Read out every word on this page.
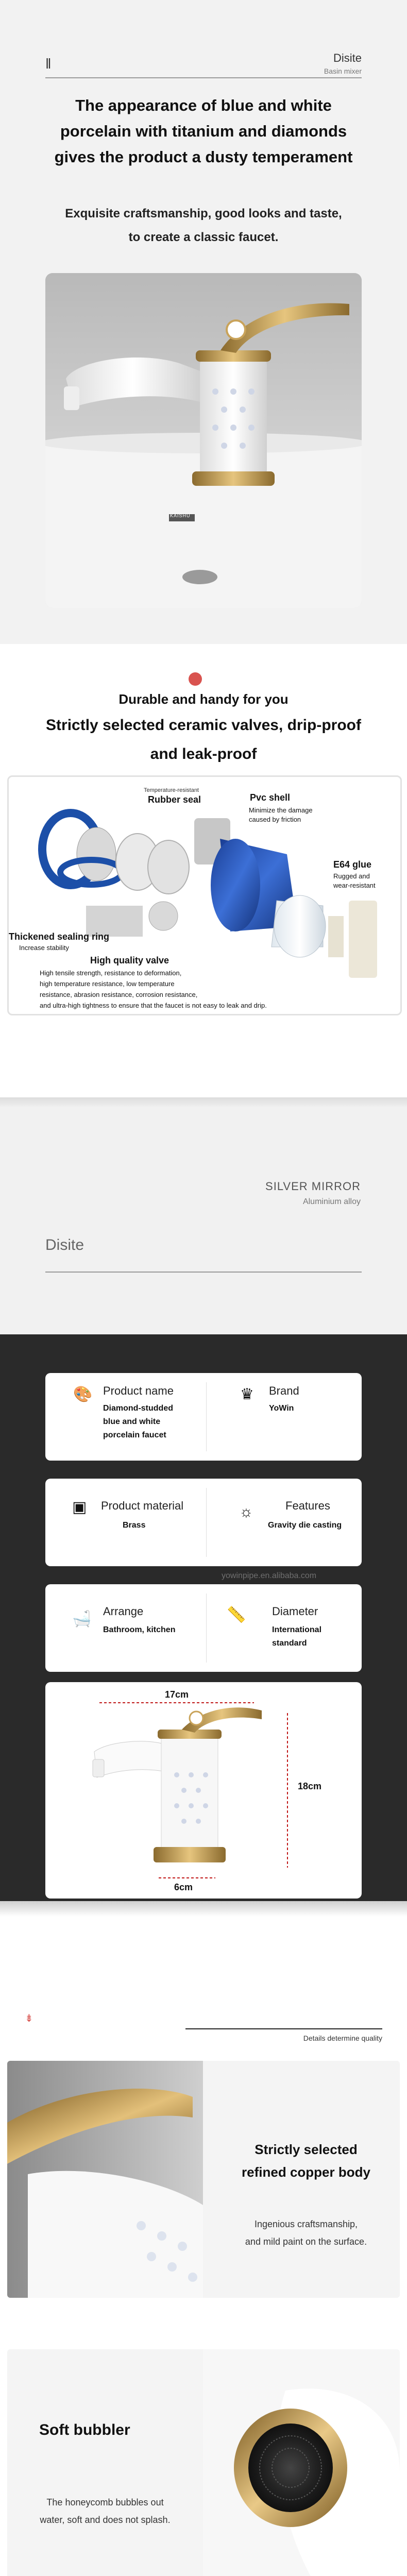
‖	Disite
Basin mixer
The appearance of blue and white
porcelain with titanium and diamonds
gives the product a dusty temperament
Exquisite craftsmanship, good looks and taste,
to create a classic faucet.
KAISHU
Durable and handy for you
Strictly selected ceramic valves, drip-proof
and leak-proof
Temperature-resistant
Rubber seal	Pvc shell
Minimize the damage
caused by friction
E64 glue
Rugged and
wear-resistant
Thickened sealing ring
Increase stability
High quality valve
High tensile strength, resistance to deformation,
high temperature resistance, low temperature
resistance, abrasion resistance, corrosion resistance,
and ultra-high tightness to ensure that the faucet is not easy to leak and drip.
SILVER MIRROR
Aluminium alloy
Disite
🎨 Product name
Diamond-studded
blue and white
porcelain faucet
♛ Brand
YoWin
▣ Product material
Brass
☼	Features
Gravity die casting
yowinpipe.en.alibaba.com
🛁 Arrange
Bathroom, kitchen
📏 Diameter
International
standard
17cm
18cm
6cm
⇟
Details determine quality
Strictly selected
refined copper body
Ingenious craftsmanship,
and mild paint on the surface.
Soft bubbler
The honeycomb bubbles out
water, soft and does not splash.
